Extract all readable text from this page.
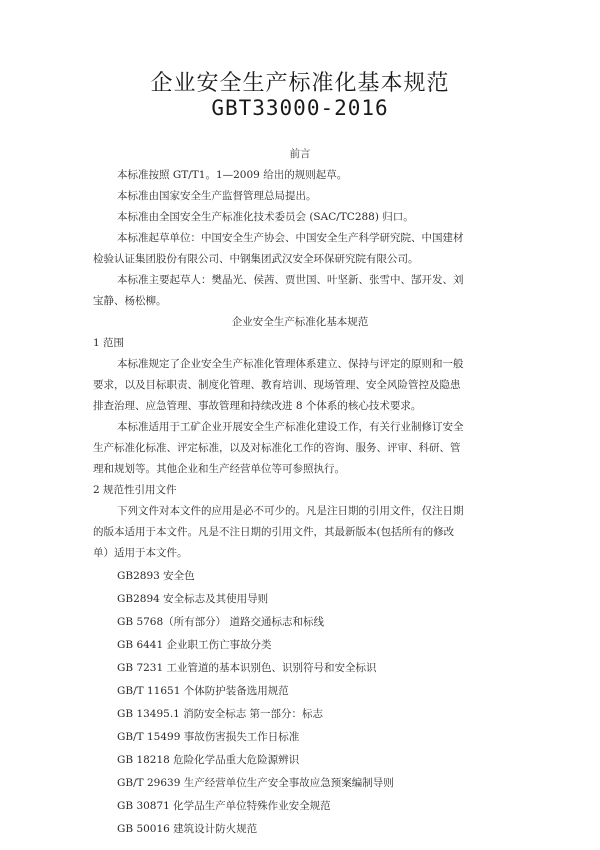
企业安全生产标准化基本规范
GBT33000-2016
前言
本标准按照 GT/T1。1—2009 给出的规则起草。
本标准由国家安全生产监督管理总局提出。
本标准由全国安全生产标准化技术委员会 (SAC/TC288) 归口。
本标准起草单位：中国安全生产协会、中国安全生产科学研究院、中国建材
检验认证集团股份有限公司、中钢集团武汉安全环保研究院有限公司。
本标准主要起草人：樊晶光、侯茜、贾世国、叶坚新、张雪中、郜开发、刘
宝静、杨松柳。
企业安全生产标准化基本规范
1 范围
本标准规定了企业安全生产标准化管理体系建立、保持与评定的原则和一般
要求，以及目标职责、制度化管理、教育培训、现场管理、安全风险管控及隐患
排查治理、应急管理、事故管理和持续改进 8 个体系的核心技术要求。
本标准适用于工矿企业开展安全生产标准化建设工作，有关行业制修订安全
生产标准化标准、评定标准，以及对标准化工作的咨询、服务、评审、科研、管
理和规划等。其他企业和生产经营单位等可参照执行。
2 规范性引用文件
下列文件对本文件的应用是必不可少的。凡是注日期的引用文件，仅注日期
的版本适用于本文件。凡是不注日期的引用文件，其最新版本(包括所有的修改
单）适用于本文件。
GB2893 安全色
GB2894 安全标志及其使用导则
GB 5768（所有部分） 道路交通标志和标线
GB 6441 企业职工伤亡事故分类
GB 7231 工业管道的基本识别色、识别符号和安全标识
GB/T 11651 个体防护装备选用规范
GB 13495.1 消防安全标志 第一部分：标志
GB/T 15499 事故伤害损失工作日标准
GB 18218 危险化学品重大危险源辨识
GB/T 29639 生产经营单位生产安全事故应急预案编制导则
GB 30871 化学品生产单位特殊作业安全规范
GB 50016 建筑设计防火规范
